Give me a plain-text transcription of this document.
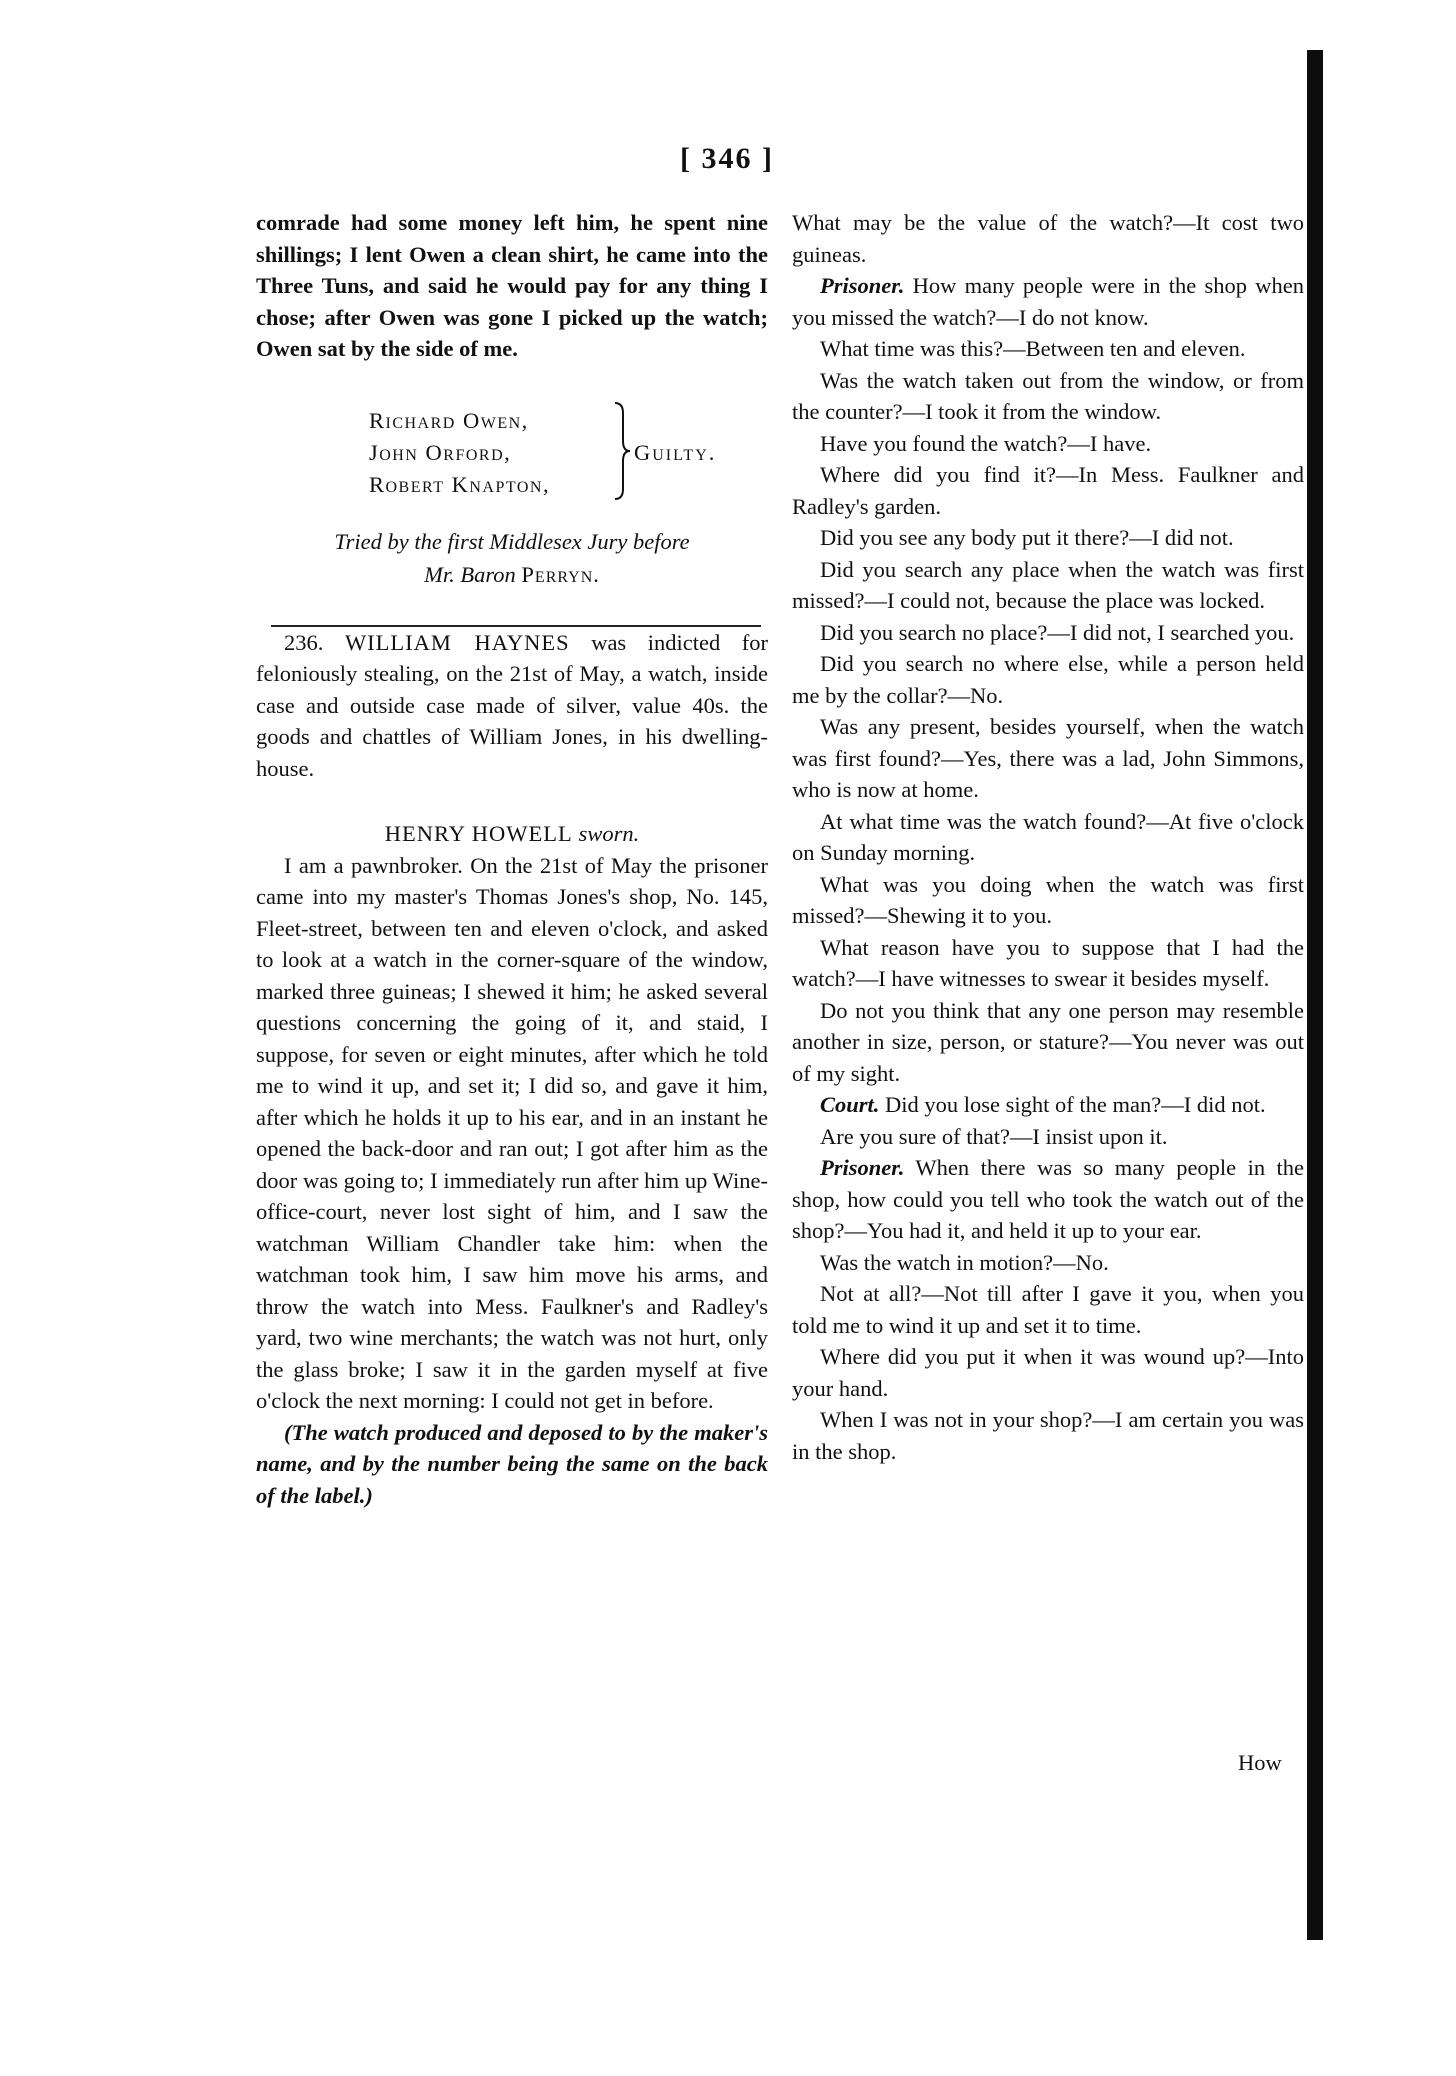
[ 346 ]

comrade had some money left him, he spent nine shillings; I lent Owen a clean shirt, he came into the Three Tuns, and said he would pay for any thing I chose; after Owen was gone I picked up the watch; Owen sat by the side of me.

Richard Owen,
John Orford,
Robert Knapton,
Guilty.
Tried by the first Middlesex Jury before
Mr. Baron Perryn.

236. WILLIAM HAYNES was indicted for feloniously stealing, on the 21st of May, a watch, inside case and outside case made of silver, value 40s. the goods and chattles of William Jones, in his dwelling-house.

HENRY HOWELL sworn.

I am a pawnbroker. On the 21st of May the prisoner came into my master's Thomas Jones's shop, No. 145, Fleet-street, between ten and eleven o'clock, and asked to look at a watch in the corner-square of the window, marked three guineas; I shewed it him; he asked several questions concerning the going of it, and staid, I suppose, for seven or eight minutes, after which he told me to wind it up, and set it; I did so, and gave it him, after which he holds it up to his ear, and in an instant he opened the back-door and ran out; I got after him as the door was going to; I immediately run after him up Wine-office-court, never lost sight of him, and I saw the watchman William Chandler take him: when the watchman took him, I saw him move his arms, and throw the watch into Mess. Faulkner's and Radley's yard, two wine merchants; the watch was not hurt, only the glass broke; I saw it in the garden myself at five o'clock the next morning: I could not get in before.

(The watch produced and deposed to by the maker's name, and by the number being the same on the back of the label.)

What may be the value of the watch?—It cost two guineas.

Prisoner. How many people were in the shop when you missed the watch?—I do not know.

What time was this?—Between ten and eleven.

Was the watch taken out from the window, or from the counter?—I took it from the window.

Have you found the watch?—I have.

Where did you find it?—In Mess. Faulkner and Radley's garden.

Did you see any body put it there?—I did not.

Did you search any place when the watch was first missed?—I could not, because the place was locked.

Did you search no place?—I did not, I searched you.

Did you search no where else, while a person held me by the collar?—No.

Was any present, besides yourself, when the watch was first found?—Yes, there was a lad, John Simmons, who is now at home.

At what time was the watch found?—At five o'clock on Sunday morning.

What was you doing when the watch was first missed?—Shewing it to you.

What reason have you to suppose that I had the watch?—I have witnesses to swear it besides myself.

Do not you think that any one person may resemble another in size, person, or stature?—You never was out of my sight.

Court. Did you lose sight of the man?—I did not.

Are you sure of that?—I insist upon it.

Prisoner. When there was so many people in the shop, how could you tell who took the watch out of the shop?—You had it, and held it up to your ear.

Was the watch in motion?—No.

Not at all?—Not till after I gave it you, when you told me to wind it up and set it to time.

Where did you put it when it was wound up?—Into your hand.

When I was not in your shop?—I am certain you was in the shop.

How
